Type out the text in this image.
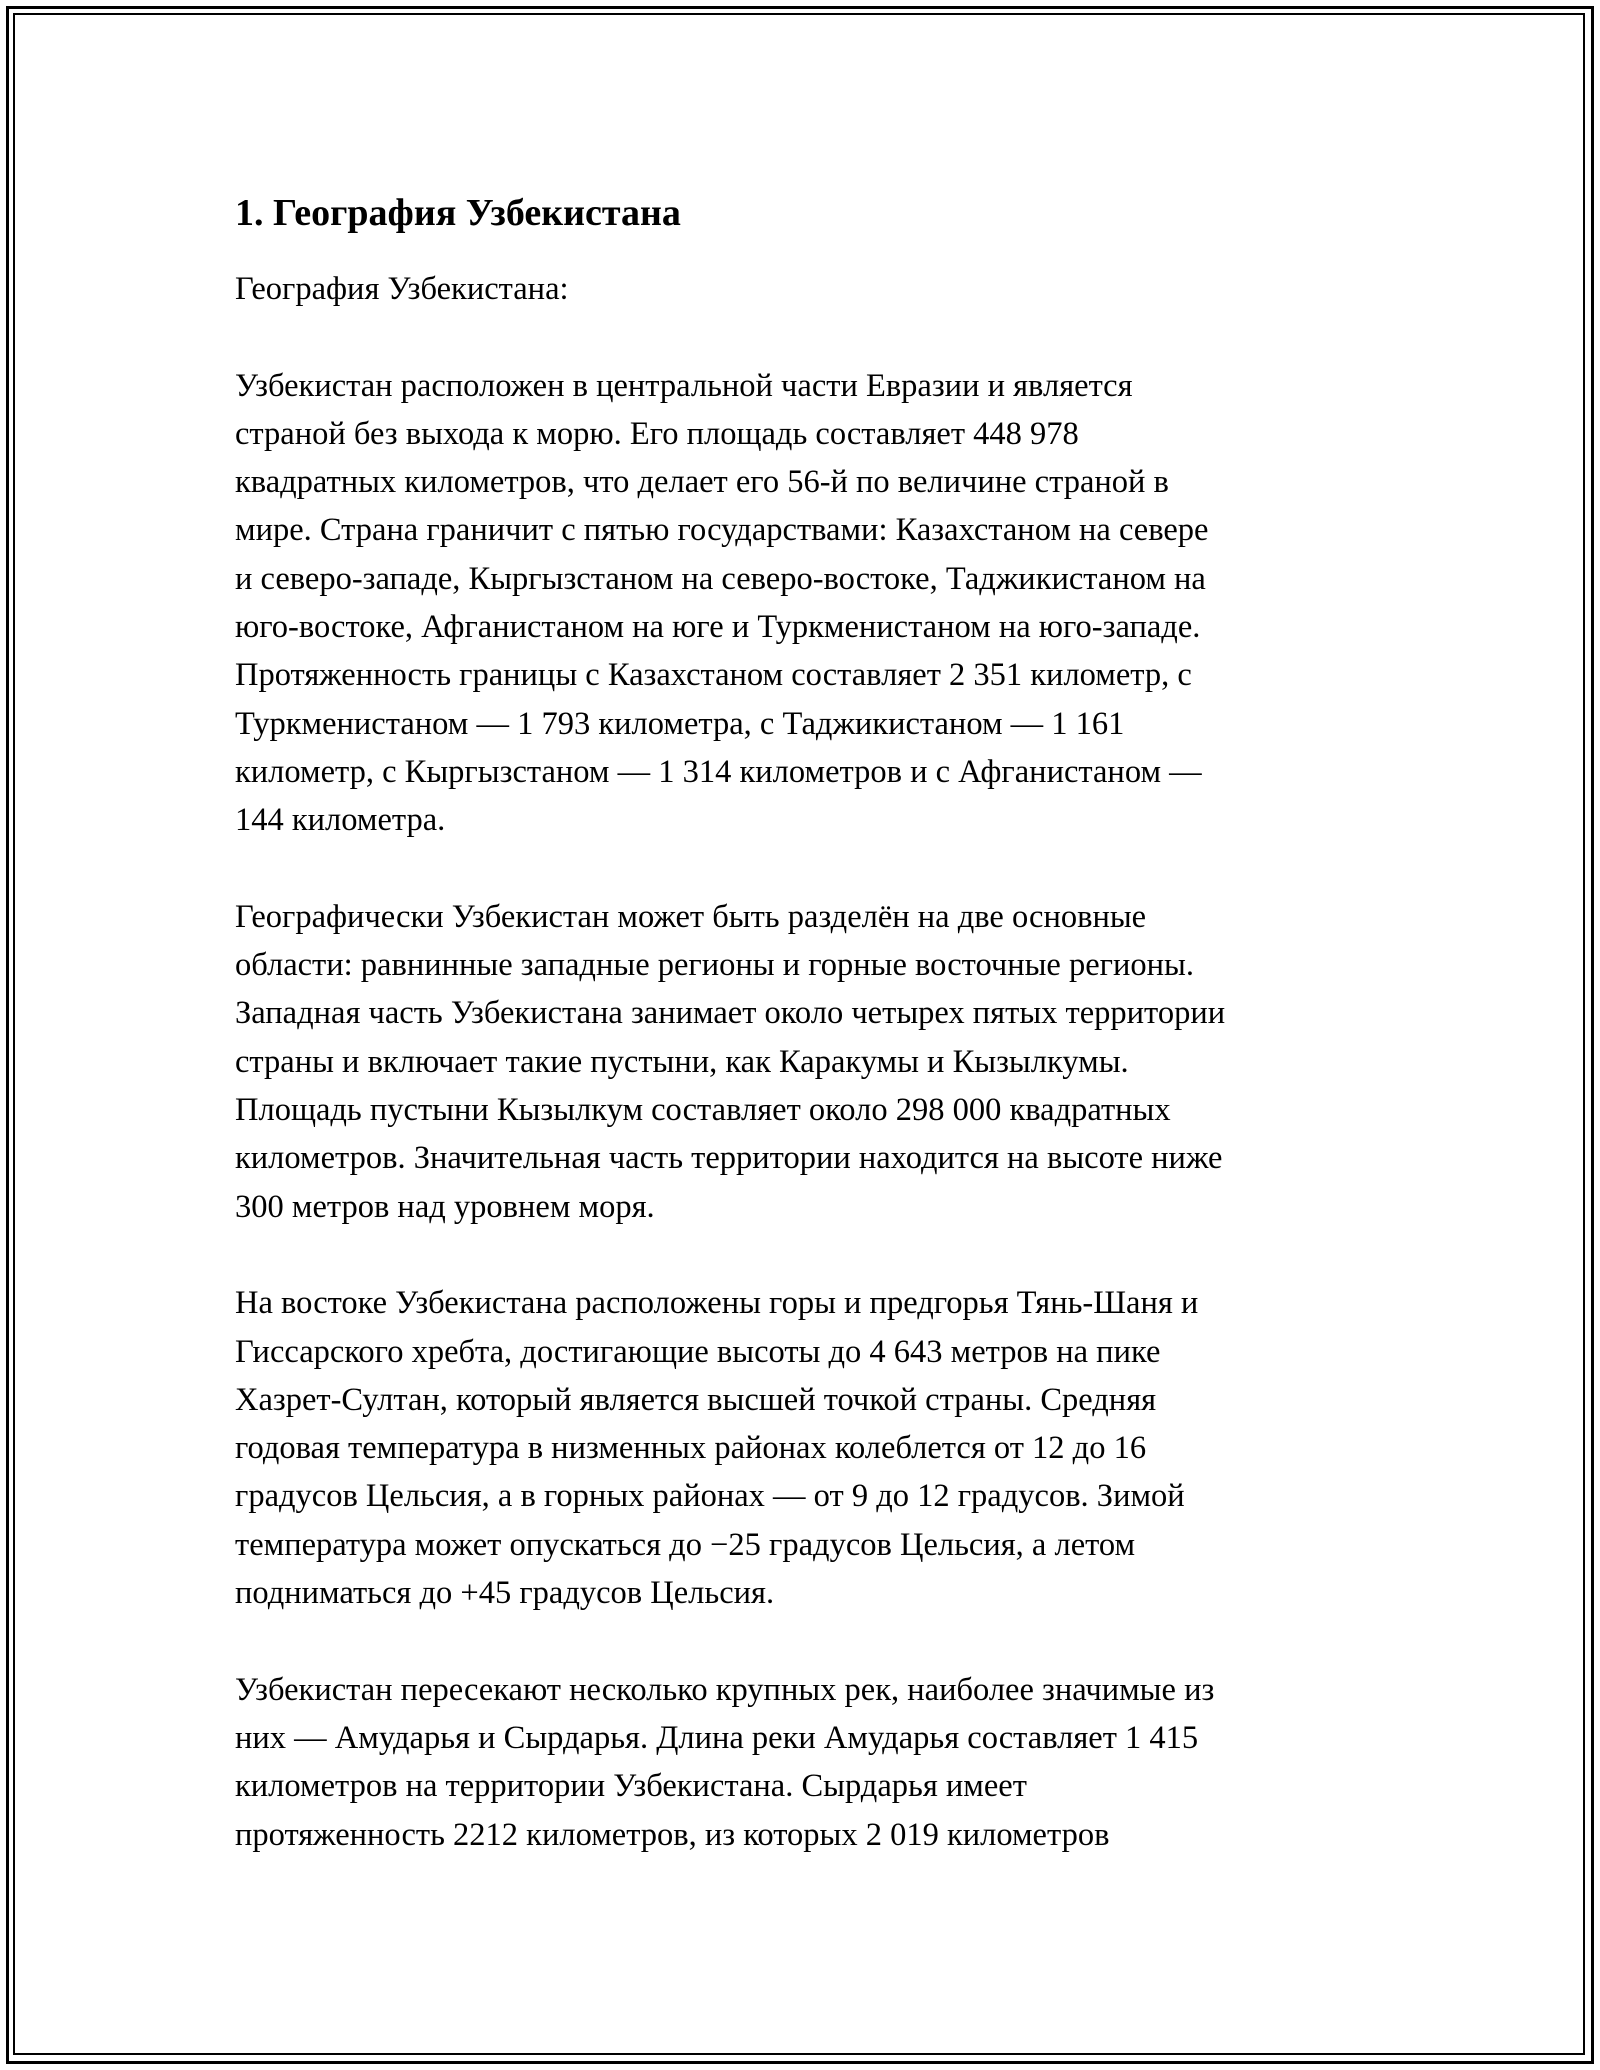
1. География Узбекистана

География Узбекистана:

Узбекистан расположен в центральной части Евразии и является
страной без выхода к морю. Его площадь составляет 448 978
квадратных километров, что делает его 56-й по величине страной в
мире. Страна граничит с пятью государствами: Казахстаном на севере
и северо-западе, Кыргызстаном на северо-востоке, Таджикистаном на
юго-востоке, Афганистаном на юге и Туркменистаном на юго-западе.
Протяженность границы с Казахстаном составляет 2 351 километр, с
Туркменистаном — 1 793 километра, с Таджикистаном — 1 161
километр, с Кыргызстаном — 1 314 километров и с Афганистаном —
144 километра.

Географически Узбекистан может быть разделён на две основные
области: равнинные западные регионы и горные восточные регионы.
Западная часть Узбекистана занимает около четырех пятых территории
страны и включает такие пустыни, как Каракумы и Кызылкумы.
Площадь пустыни Кызылкум составляет около 298 000 квадратных
километров. Значительная часть территории находится на высоте ниже
300 метров над уровнем моря.

На востоке Узбекистана расположены горы и предгорья Тянь-Шаня и
Гиссарского хребта, достигающие высоты до 4 643 метров на пике
Хазрет-Султан, который является высшей точкой страны. Средняя
годовая температура в низменных районах колеблется от 12 до 16
градусов Цельсия, а в горных районах — от 9 до 12 градусов. Зимой
температура может опускаться до −25 градусов Цельсия, а летом
подниматься до +45 градусов Цельсия.

Узбекистан пересекают несколько крупных рек, наиболее значимые из
них — Амударья и Сырдарья. Длина реки Амударья составляет 1 415
километров на территории Узбекистана. Сырдарья имеет
протяженность 2212 километров, из которых 2 019 километров
